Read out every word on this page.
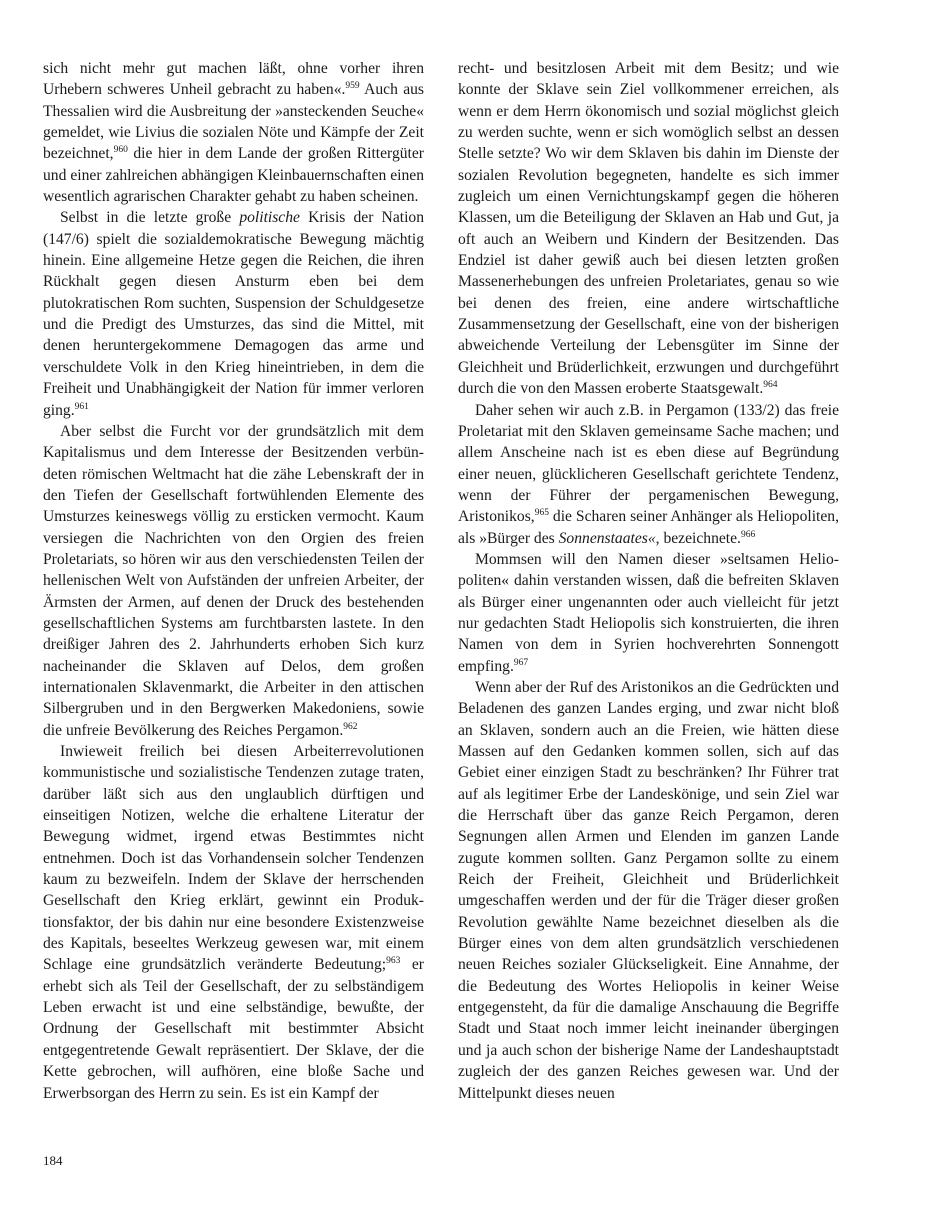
sich nicht mehr gut machen läßt, ohne vorher ihren Urhebern schweres Unheil gebracht zu haben«.$^{959}$ Auch aus Thessalien wird die Ausbreitung der »ansteckenden Seuche« gemeldet, wie Livius die sozialen Nöte und Kämpfe der Zeit bezeichnet,$^{960}$ die hier in dem Lande der großen Rittergüter und einer zahlreichen abhängigen Kleinbauernschaften einen wesentlich agrarischen Charakter gehabt zu haben scheinen.

Selbst in die letzte große politische Krisis der Nation (147/6) spielt die sozialdemokratische Bewegung mächtig hinein. Eine allgemeine Hetze gegen die Reichen, die ihren Rückhalt gegen diesen Ansturm eben bei dem plutokratischen Rom suchten, Suspension der Schuldgesetze und die Predigt des Umsturzes, das sind die Mittel, mit denen heruntergekommene Demagogen das arme und verschuldete Volk in den Krieg hineintrieben, in dem die Freiheit und Unabhängigkeit der Nation für immer verloren ging.$^{961}$

Aber selbst die Furcht vor der grundsätzlich mit dem Kapitalismus und dem Interesse der Besitzenden verbündeten römischen Weltmacht hat die zähe Lebenskraft der in den Tiefen der Gesellschaft fortwühlenden Elemente des Umsturzes keineswegs völlig zu ersticken vermocht. Kaum versiegen die Nachrichten von den Orgien des freien Proletariats, so hören wir aus den verschiedensten Teilen der hellenischen Welt von Aufständen der unfreien Arbeiter, der Ärmsten der Armen, auf denen der Druck des bestehenden gesellschaftlichen Systems am furchtbarsten lastete. In den dreißiger Jahren des 2. Jahrhunderts erhoben Sich kurz nacheinander die Sklaven auf Delos, dem großen internationalen Sklavenmarkt, die Arbeiter in den attischen Silbergruben und in den Bergwerken Makedoniens, sowie die unfreie Bevölkerung des Reiches Pergamon.$^{962}$

Inwieweit freilich bei diesen Arbeiterrevolutionen kommunistische und sozialistische Tendenzen zutage traten, darüber läßt sich aus den unglaublich dürftigen und einseitigen Notizen, welche die erhaltene Literatur der Bewegung widmet, irgend etwas Bestimmtes nicht entnehmen. Doch ist das Vorhandensein solcher Tendenzen kaum zu bezweifeln. Indem der Sklave der herrschenden Gesellschaft den Krieg erklärt, gewinnt ein Produktionsfaktor, der bis dahin nur eine besondere Existenzweise des Kapitals, beseeltes Werkzeug gewesen war, mit einem Schlage eine grundsätzlich veränderte Bedeutung;$^{963}$ er erhebt sich als Teil der Gesellschaft, der zu selbständigem Leben erwacht ist und eine selbständige, bewußte, der Ordnung der Gesellschaft mit bestimmter Absicht entgegentretende Gewalt repräsentiert. Der Sklave, der die Kette gebrochen, will aufhören, eine bloße Sache und Erwerbsorgan des Herrn zu sein. Es ist ein Kampf der

recht- und besitzlosen Arbeit mit dem Besitz; und wie konnte der Sklave sein Ziel vollkommener erreichen, als wenn er dem Herrn ökonomisch und sozial möglichst gleich zu werden suchte, wenn er sich womöglich selbst an dessen Stelle setzte? Wo wir dem Sklaven bis dahin im Dienste der sozialen Revolution begegneten, handelte es sich immer zugleich um einen Vernichtungskampf gegen die höheren Klassen, um die Beteiligung der Sklaven an Hab und Gut, ja oft auch an Weibern und Kindern der Besitzenden. Das Endziel ist daher gewiß auch bei diesen letzten großen Massenerhebungen des unfreien Proletariates, genau so wie bei denen des freien, eine andere wirtschaftliche Zusammensetzung der Gesellschaft, eine von der bisherigen abweichende Verteilung der Lebensgüter im Sinne der Gleichheit und Brüderlichkeit, erzwungen und durchgeführt durch die von den Massen eroberte Staatsgewalt.$^{964}$

Daher sehen wir auch z.B. in Pergamon (133/2) das freie Proletariat mit den Sklaven gemeinsame Sache machen; und allem Anscheine nach ist es eben diese auf Begründung einer neuen, glücklicheren Gesellschaft gerichtete Tendenz, wenn der Führer der pergamenischen Bewegung, Aristonikos,$^{965}$ die Scharen seiner Anhänger als Heliopoliten, als »Bürger des Sonnenstaates«, bezeichnete.$^{966}$

Mommsen will den Namen dieser »seltsamen Heliopoliten« dahin verstanden wissen, daß die befreiten Sklaven als Bürger einer ungenannten oder auch vielleicht für jetzt nur gedachten Stadt Heliopolis sich konstruierten, die ihren Namen von dem in Syrien hochverehrten Sonnengott empfing.$^{967}$

Wenn aber der Ruf des Aristonikos an die Gedrückten und Beladenen des ganzen Landes erging, und zwar nicht bloß an Sklaven, sondern auch an die Freien, wie hätten diese Massen auf den Gedanken kommen sollen, sich auf das Gebiet einer einzigen Stadt zu beschränken? Ihr Führer trat auf als legitimer Erbe der Landeskönige, und sein Ziel war die Herrschaft über das ganze Reich Pergamon, deren Segnungen allen Armen und Elenden im ganzen Lande zugute kommen sollten. Ganz Pergamon sollte zu einem Reich der Freiheit, Gleichheit und Brüderlichkeit umgeschaffen werden und der für die Träger dieser großen Revolution gewählte Name bezeichnet dieselben als die Bürger eines von dem alten grundsätzlich verschiedenen neuen Reiches sozialer Glückseligkeit. Eine Annahme, der die Bedeutung des Wortes Heliopolis in keiner Weise entgegensteht, da für die damalige Anschauung die Begriffe Stadt und Staat noch immer leicht ineinander übergingen und ja auch schon der bisherige Name der Landeshauptstadt zugleich der des ganzen Reiches gewesen war. Und der Mittelpunkt dieses neuen

184
